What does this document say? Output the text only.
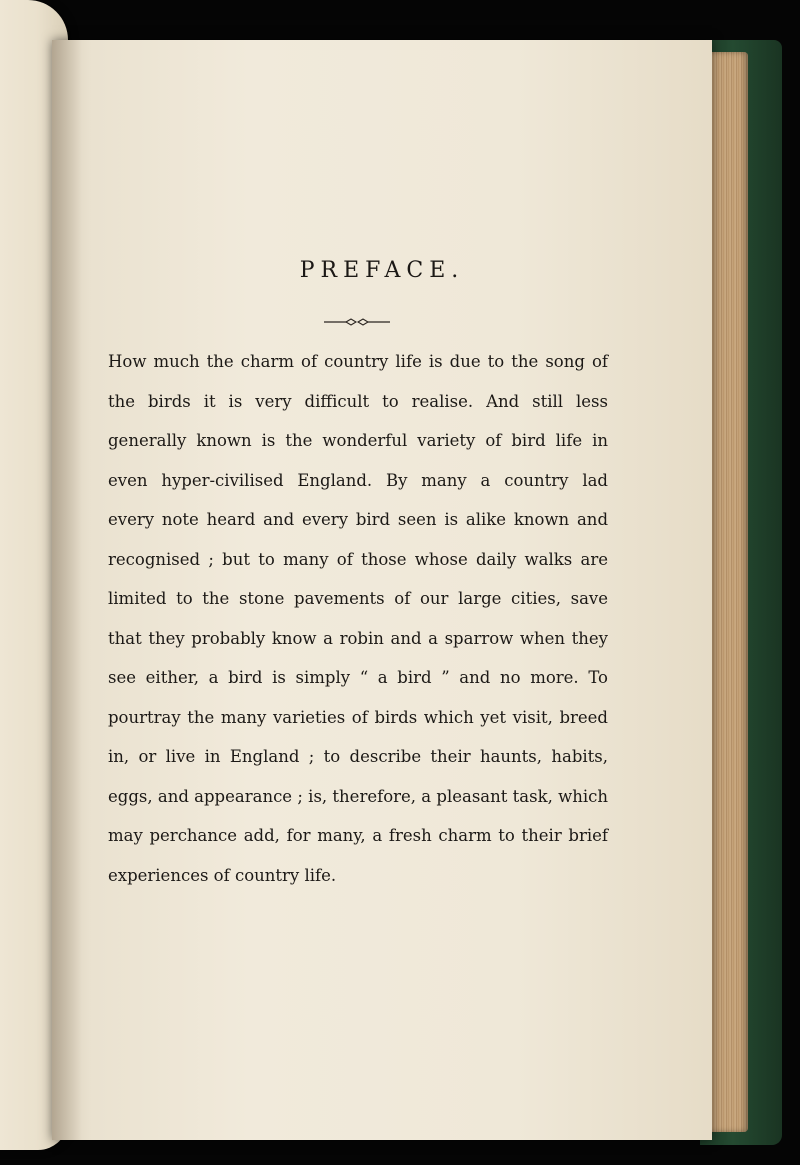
PREFACE.
How much the charm of country life is due to the song of
the birds it is very difficult to realise. And still less
generally known is the wonderful variety of bird life in
even hyper-civilised England. By many a country lad
every note heard and every bird seen is alike known and
recognised ; but to many of those whose daily walks are
limited to the stone pavements of our large cities, save
that they probably know a robin and a sparrow when they
see either, a bird is simply “ a bird ” and no more. To
pourtray the many varieties of birds which yet visit, breed
in, or live in England ; to describe their haunts, habits,
eggs, and appearance ; is, therefore, a pleasant task, which
may perchance add, for many, a fresh charm to their brief
experiences of country life.
